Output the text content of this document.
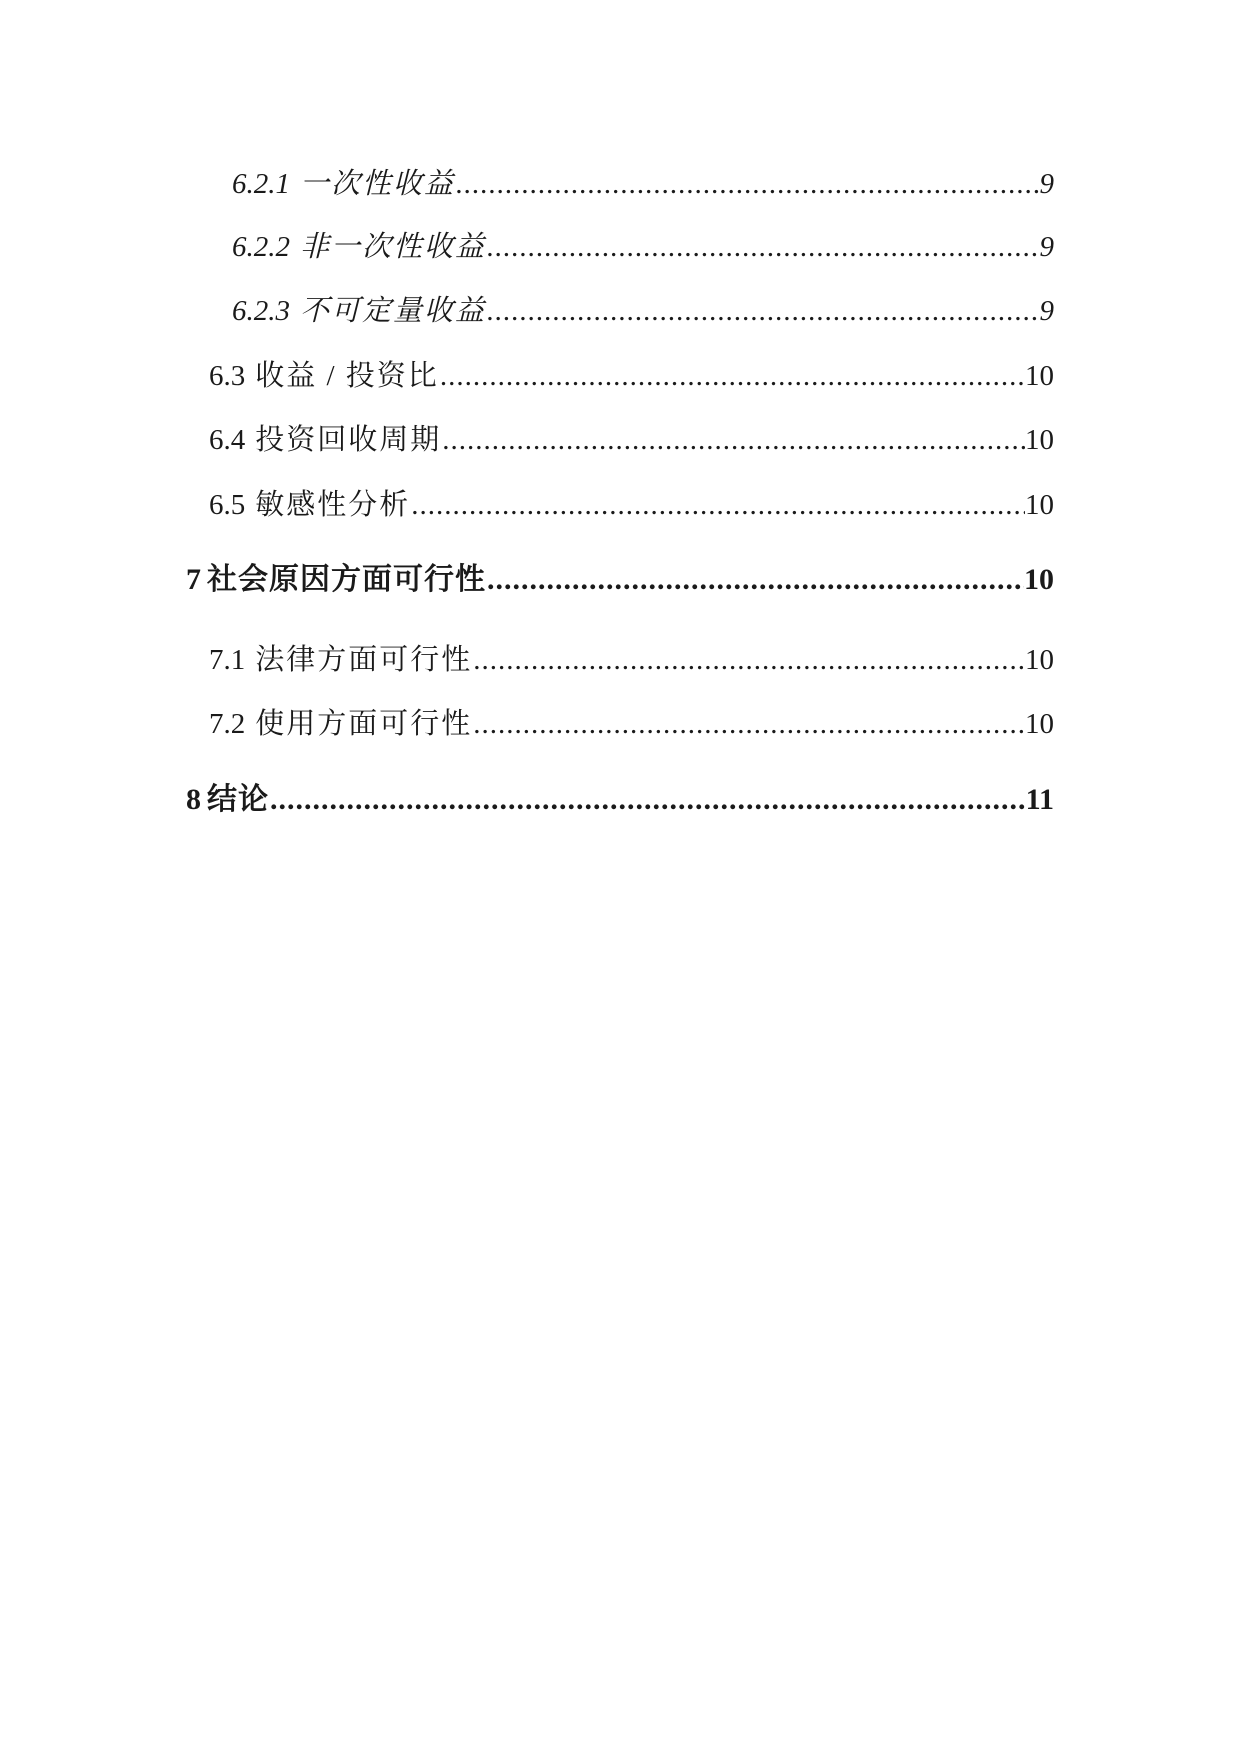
6.2.1 一次性收益 .....	9
6.2.2 非一次性收益 .....	9
6.2.3 不可定量收益 .....	9
6.3 收益 / 投资比 .....	10
6.4 投资回收周期 .....	10
6.5 敏感性分析 .....	10
7 社会原因方面可行性 .....	10
7.1 法律方面可行性 .....	10
7.2 使用方面可行性 .....	10
8 结论 .....	11
